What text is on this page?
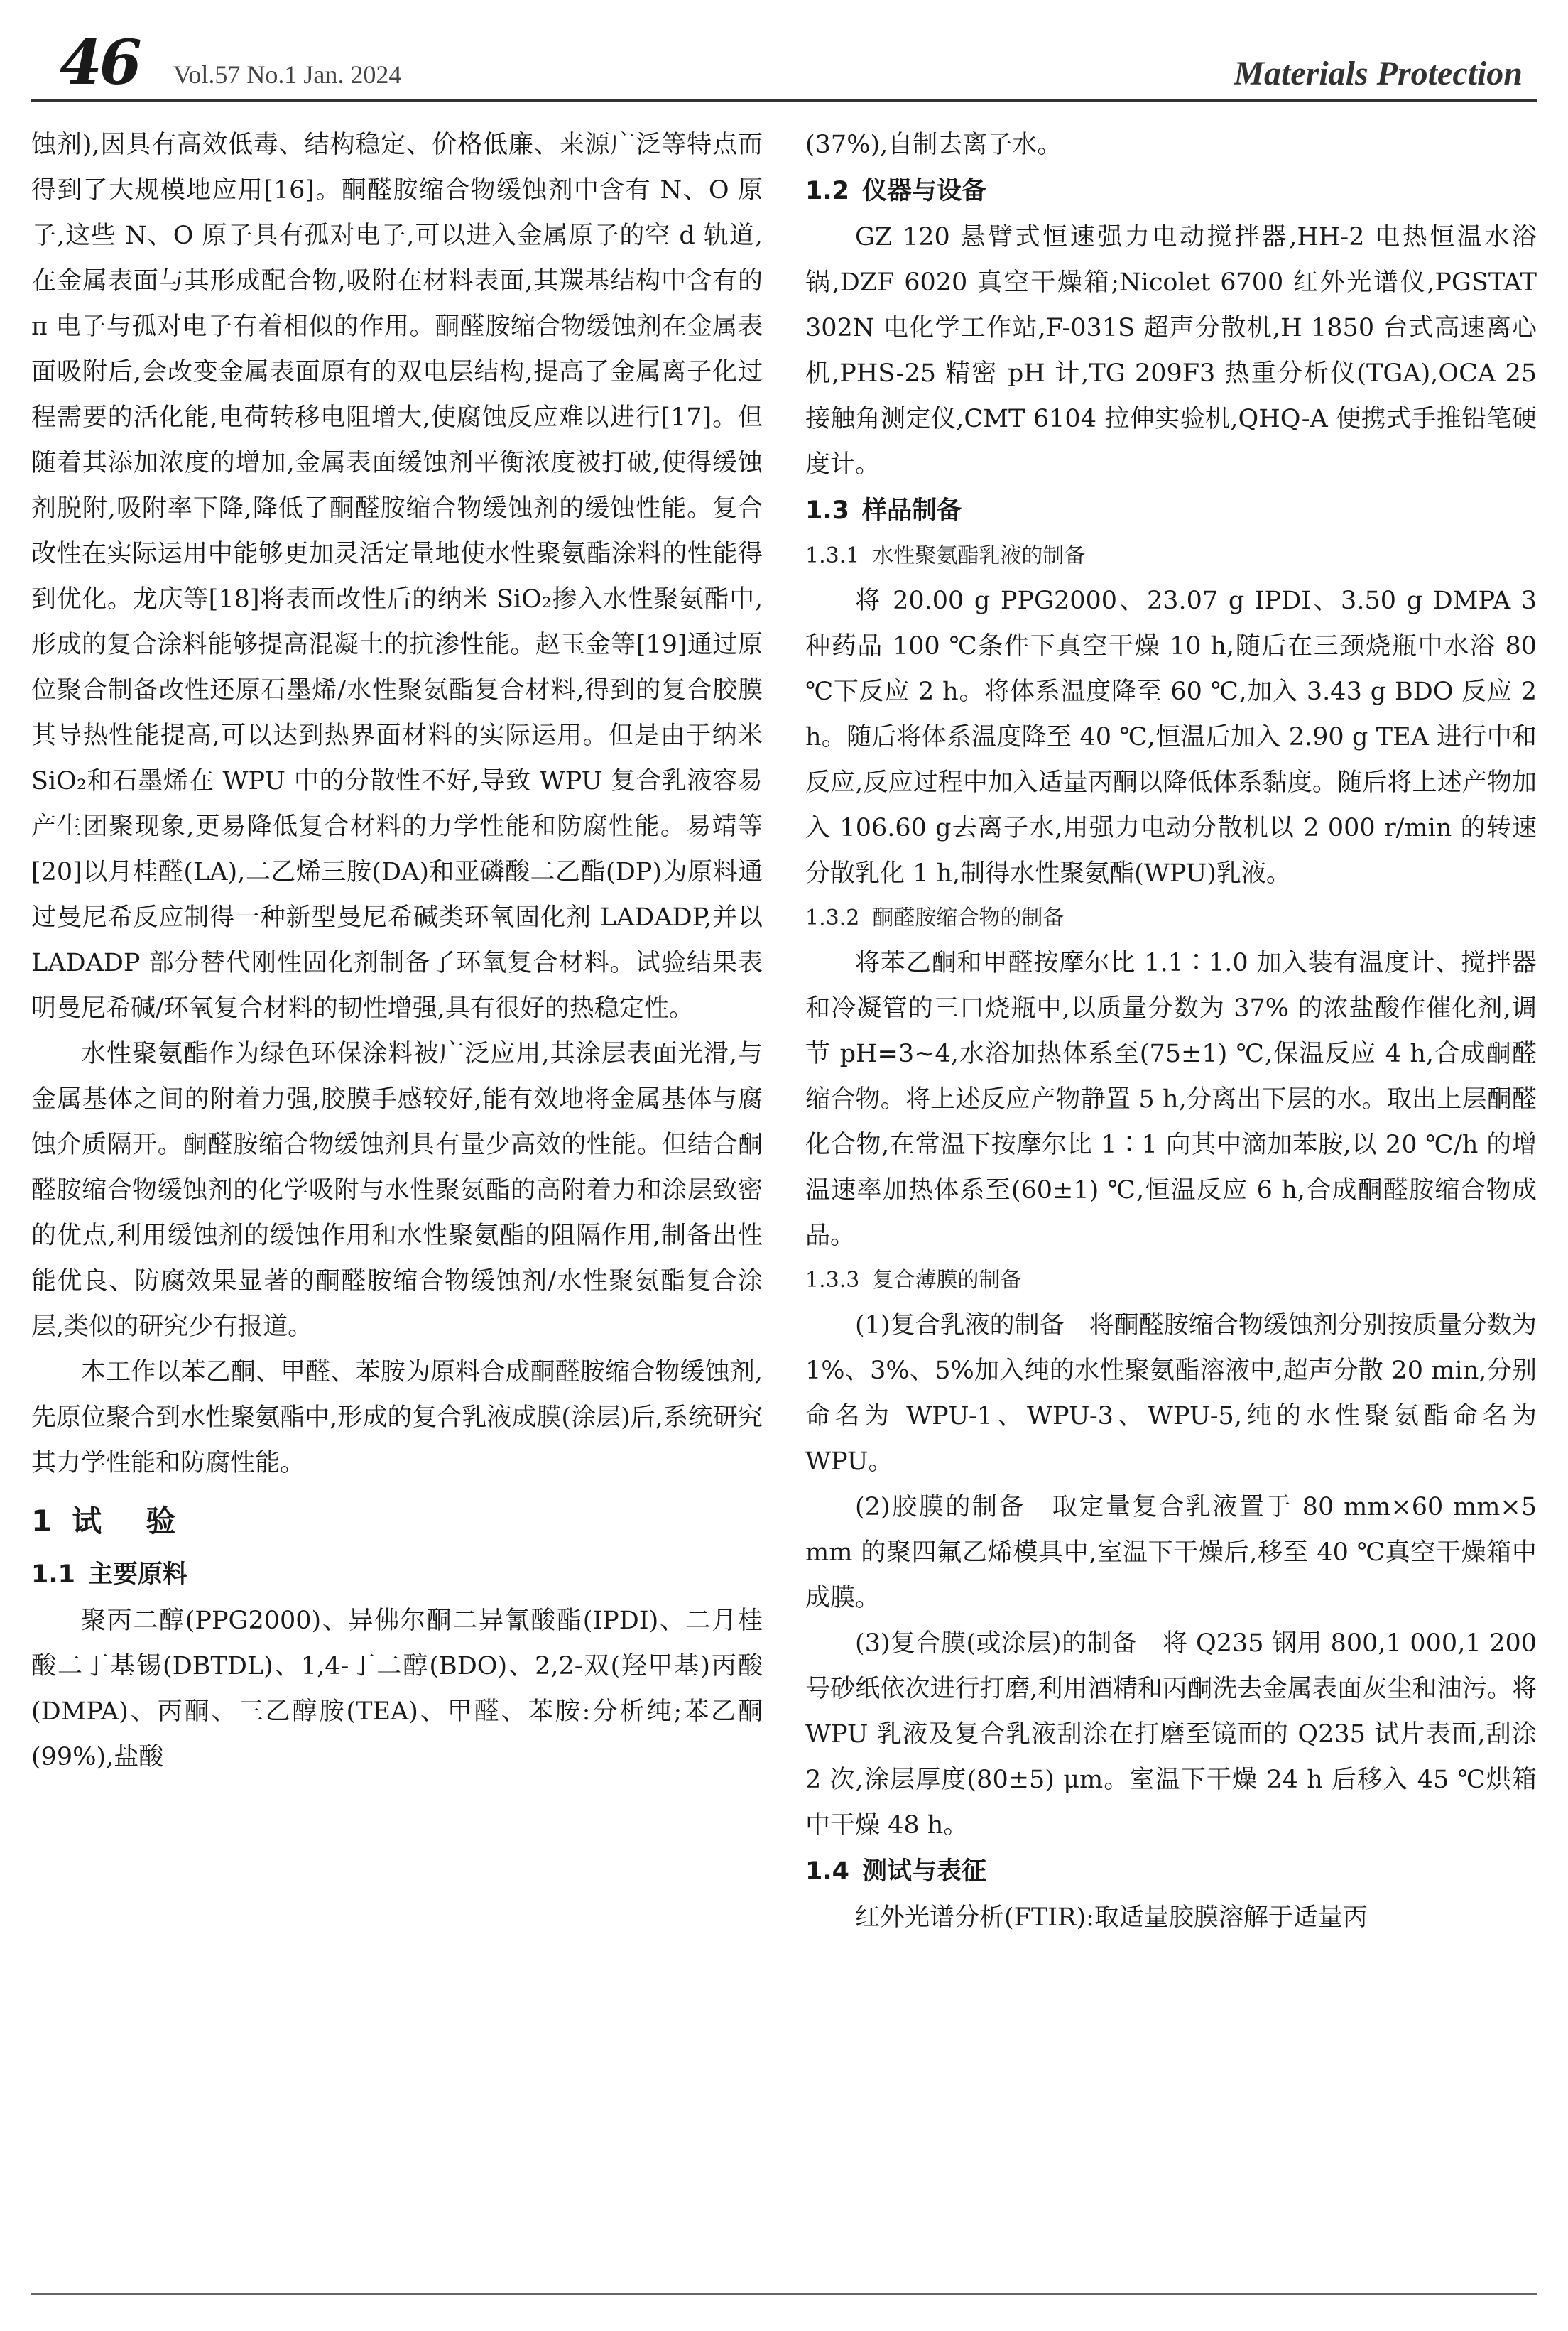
46 Vol.57 No.1 Jan. 2024	Materials Protection

蚀剂),因具有高效低毒、结构稳定、价格低廉、来源广泛等特点而得到了大规模地应用[16]。酮醛胺缩合物缓蚀剂中含有 N、O 原子,这些 N、O 原子具有孤对电子,可以进入金属原子的空 d 轨道,在金属表面与其形成配合物,吸附在材料表面,其羰基结构中含有的 π 电子与孤对电子有着相似的作用。酮醛胺缩合物缓蚀剂在金属表面吸附后,会改变金属表面原有的双电层结构,提高了金属离子化过程需要的活化能,电荷转移电阻增大,使腐蚀反应难以进行[17]。但随着其添加浓度的增加,金属表面缓蚀剂平衡浓度被打破,使得缓蚀剂脱附,吸附率下降,降低了酮醛胺缩合物缓蚀剂的缓蚀性能。复合改性在实际运用中能够更加灵活定量地使水性聚氨酯涂料的性能得到优化。龙庆等[18]将表面改性后的纳米 SiO₂掺入水性聚氨酯中,形成的复合涂料能够提高混凝土的抗渗性能。赵玉金等[19]通过原位聚合制备改性还原石墨烯/水性聚氨酯复合材料,得到的复合胶膜其导热性能提高,可以达到热界面材料的实际运用。但是由于纳米 SiO₂和石墨烯在 WPU 中的分散性不好,导致 WPU 复合乳液容易产生团聚现象,更易降低复合材料的力学性能和防腐性能。易靖等[20]以月桂醛(LA),二乙烯三胺(DA)和亚磷酸二乙酯(DP)为原料通过曼尼希反应制得一种新型曼尼希碱类环氧固化剂 LADADP,并以 LADADP 部分替代刚性固化剂制备了环氧复合材料。试验结果表明曼尼希碱/环氧复合材料的韧性增强,具有很好的热稳定性。

水性聚氨酯作为绿色环保涂料被广泛应用,其涂层表面光滑,与金属基体之间的附着力强,胶膜手感较好,能有效地将金属基体与腐蚀介质隔开。酮醛胺缩合物缓蚀剂具有量少高效的性能。但结合酮醛胺缩合物缓蚀剂的化学吸附与水性聚氨酯的高附着力和涂层致密的优点,利用缓蚀剂的缓蚀作用和水性聚氨酯的阻隔作用,制备出性能优良、防腐效果显著的酮醛胺缩合物缓蚀剂/水性聚氨酯复合涂层,类似的研究少有报道。

本工作以苯乙酮、甲醛、苯胺为原料合成酮醛胺缩合物缓蚀剂,先原位聚合到水性聚氨酯中,形成的复合乳液成膜(涂层)后,系统研究其力学性能和防腐性能。

1 试　验
1.1 主要原料

聚丙二醇(PPG2000)、异佛尔酮二异氰酸酯(IPDI)、二月桂酸二丁基锡(DBTDL)、1,4-丁二醇(BDO)、2,2-双(羟甲基)丙酸(DMPA)、丙酮、三乙醇胺(TEA)、甲醛、苯胺:分析纯;苯乙酮(99%),盐酸

(37%),自制去离子水。

1.2 仪器与设备

GZ 120 悬臂式恒速强力电动搅拌器,HH-2 电热恒温水浴锅,DZF 6020 真空干燥箱;Nicolet 6700 红外光谱仪,PGSTAT 302N 电化学工作站,F-031S 超声分散机,H 1850 台式高速离心机,PHS-25 精密 pH 计,TG 209F3 热重分析仪(TGA),OCA 25 接触角测定仪,CMT 6104 拉伸实验机,QHQ-A 便携式手推铅笔硬度计。

1.3 样品制备
1.3.1 水性聚氨酯乳液的制备

将 20.00 g PPG2000、23.07 g IPDI、3.50 g DMPA 3 种药品 100 ℃条件下真空干燥 10 h,随后在三颈烧瓶中水浴 80 ℃下反应 2 h。将体系温度降至 60 ℃,加入 3.43 g BDO 反应 2 h。随后将体系温度降至 40 ℃,恒温后加入 2.90 g TEA 进行中和反应,反应过程中加入适量丙酮以降低体系黏度。随后将上述产物加入 106.60 g去离子水,用强力电动分散机以 2 000 r/min 的转速分散乳化 1 h,制得水性聚氨酯(WPU)乳液。

1.3.2 酮醛胺缩合物的制备

将苯乙酮和甲醛按摩尔比 1.1∶1.0 加入装有温度计、搅拌器和冷凝管的三口烧瓶中,以质量分数为 37% 的浓盐酸作催化剂,调节 pH=3~4,水浴加热体系至(75±1) ℃,保温反应 4 h,合成酮醛缩合物。将上述反应产物静置 5 h,分离出下层的水。取出上层酮醛化合物,在常温下按摩尔比 1∶1 向其中滴加苯胺,以 20 ℃/h 的增温速率加热体系至(60±1) ℃,恒温反应 6 h,合成酮醛胺缩合物成品。

1.3.3 复合薄膜的制备

(1)复合乳液的制备　将酮醛胺缩合物缓蚀剂分别按质量分数为 1%、3%、5%加入纯的水性聚氨酯溶液中,超声分散 20 min,分别命名为 WPU-1、WPU-3、WPU-5,纯的水性聚氨酯命名为 WPU。

(2)胶膜的制备　取定量复合乳液置于 80 mm×60 mm×5 mm 的聚四氟乙烯模具中,室温下干燥后,移至 40 ℃真空干燥箱中成膜。

(3)复合膜(或涂层)的制备　将 Q235 钢用 800,1 000,1 200 号砂纸依次进行打磨,利用酒精和丙酮洗去金属表面灰尘和油污。将 WPU 乳液及复合乳液刮涂在打磨至镜面的 Q235 试片表面,刮涂 2 次,涂层厚度(80±5) μm。室温下干燥 24 h 后移入 45 ℃烘箱中干燥 48 h。

1.4 测试与表征

红外光谱分析(FTIR):取适量胶膜溶解于适量丙
